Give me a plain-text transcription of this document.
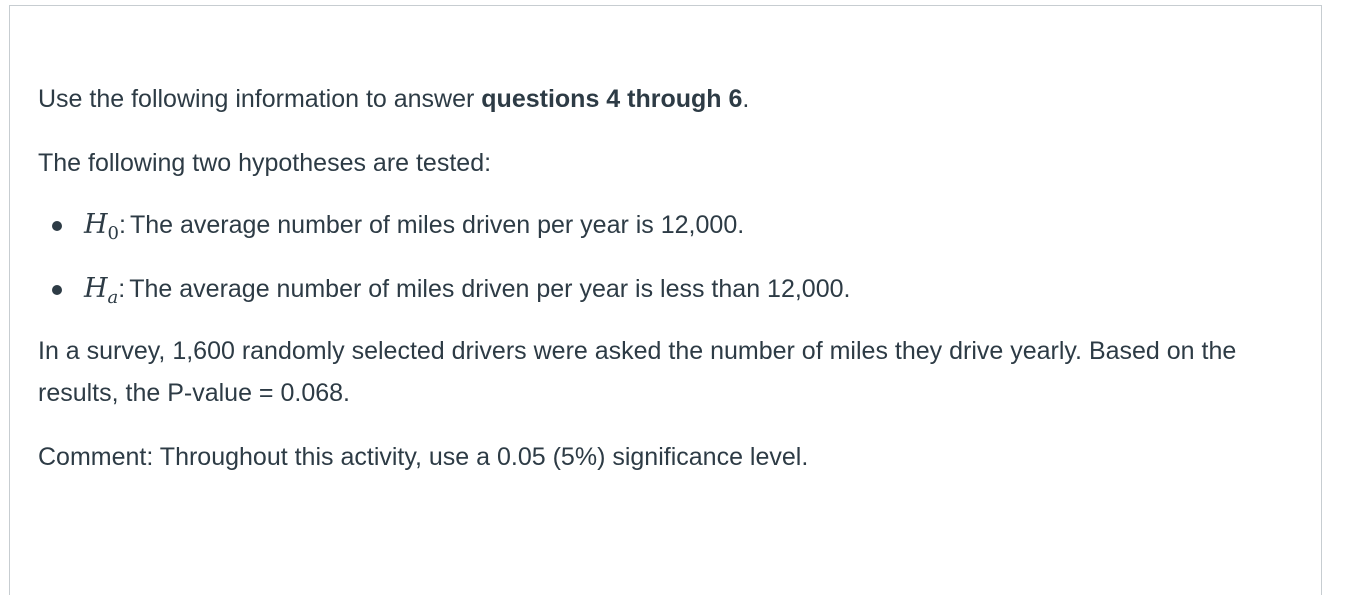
Use the following information to answer questions 4 through 6.

The following two hypotheses are tested:

$H_0$: The average number of miles driven per year is 12,000.
$H_a$: The average number of miles driven per year is less than 12,000.

In a survey, 1,600 randomly selected drivers were asked the number of miles they drive yearly. Based on the results, the P-value = 0.068.

Comment: Throughout this activity, use a 0.05 (5%) significance level.
